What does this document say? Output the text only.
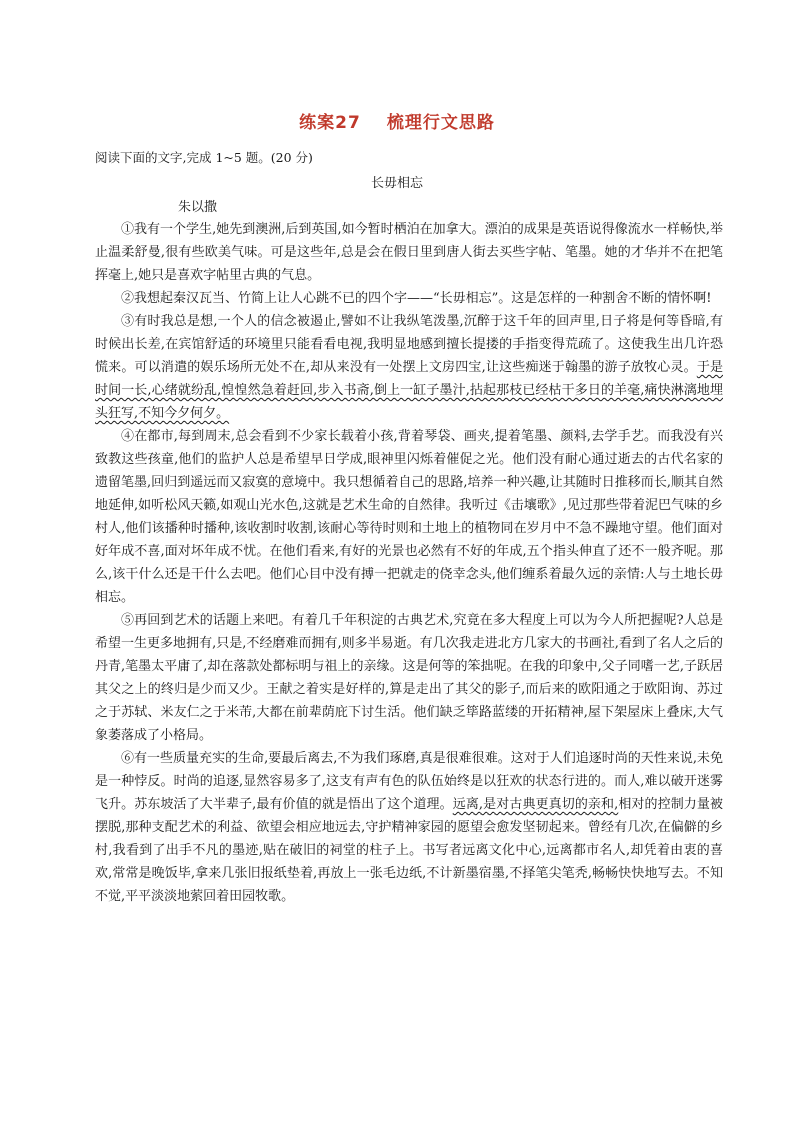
练案27 梳理行文思路
阅读下面的文字,完成 1~5 题。(20 分)
长毋相忘
朱以撒

①我有一个学生,她先到澳洲,后到英国,如今暂时栖泊在加拿大。漂泊的成果是英语说得像流水一样畅快,举止温柔舒曼,很有些欧美气味。可是这些年,总是会在假日里到唐人街去买些字帖、笔墨。她的才华并不在把笔挥毫上,她只是喜欢字帖里古典的气息。

②我想起秦汉瓦当、竹简上让人心跳不已的四个字——“长毋相忘”。这是怎样的一种割舍不断的情怀啊!

③有时我总是想,一个人的信念被遏止,譬如不让我纵笔泼墨,沉醉于这千年的回声里,日子将是何等昏暗,有时候出长差,在宾馆舒适的环境里只能看看电视,我明显地感到擅长提搂的手指变得荒疏了。这使我生出几许恐慌来。可以消遣的娱乐场所无处不在,却从来没有一处摆上文房四宝,让这些痴迷于翰墨的游子放牧心灵。于是时间一长,心绪就纷乱,惶惶然急着赶回,步入书斋,倒上一缸子墨汁,拈起那枝已经枯干多日的羊毫,痛快淋漓地埋头狂写,不知今夕何夕。

④在都市,每到周末,总会看到不少家长载着小孩,背着琴袋、画夹,提着笔墨、颜料,去学手艺。而我没有兴致教这些孩童,他们的监护人总是希望早日学成,眼神里闪烁着催促之光。他们没有耐心通过逝去的古代名家的遗留笔墨,回归到遥远而又寂寞的意境中。我只想循着自己的思路,培养一种兴趣,让其随时日推移而长,顺其自然地延伸,如听松风天籁,如观山光水色,这就是艺术生命的自然律。我听过《击壤歌》,见过那些带着泥巴气味的乡村人,他们该播种时播种,该收割时收割,该耐心等待时则和土地上的植物同在岁月中不急不躁地守望。他们面对好年成不喜,面对坏年成不忧。在他们看来,有好的光景也必然有不好的年成,五个指头伸直了还不一般齐呢。那么,该干什么还是干什么去吧。他们心目中没有搏一把就走的侥幸念头,他们缠系着最久远的亲情:人与土地长毋相忘。

⑤再回到艺术的话题上来吧。有着几千年积淀的古典艺术,究竟在多大程度上可以为今人所把握呢?人总是希望一生更多地拥有,只是,不经磨难而拥有,则多半易逝。有几次我走进北方几家大的书画社,看到了名人之后的丹青,笔墨太平庸了,却在落款处都标明与祖上的亲缘。这是何等的笨拙呢。在我的印象中,父子同嗜一艺,子跃居其父之上的终归是少而又少。王献之着实是好样的,算是走出了其父的影子,而后来的欧阳通之于欧阳询、苏过之于苏轼、米友仁之于米芾,大都在前辈荫庇下讨生活。他们缺乏筚路蓝缕的开拓精神,屋下架屋床上叠床,大气象萎落成了小格局。

⑥有一些质量充实的生命,要最后离去,不为我们琢磨,真是很难很难。这对于人们追逐时尚的天性来说,未免是一种悖反。时尚的追逐,显然容易多了,这支有声有色的队伍始终是以狂欢的状态行进的。而人,难以破开迷雾飞升。苏东坡活了大半辈子,最有价值的就是悟出了这个道理。远离,是对古典更真切的亲和,相对的控制力量被摆脱,那种支配艺术的利益、欲望会相应地远去,守护精神家园的愿望会愈发坚韧起来。曾经有几次,在偏僻的乡村,我看到了出手不凡的墨迹,贴在破旧的祠堂的柱子上。书写者远离文化中心,远离都市名人,却凭着由衷的喜欢,常常是晚饭毕,拿来几张旧报纸垫着,再放上一张毛边纸,不计新墨宿墨,不择笔尖笔秃,畅畅快快地写去。不知不觉,平平淡淡地萦回着田园牧歌。
